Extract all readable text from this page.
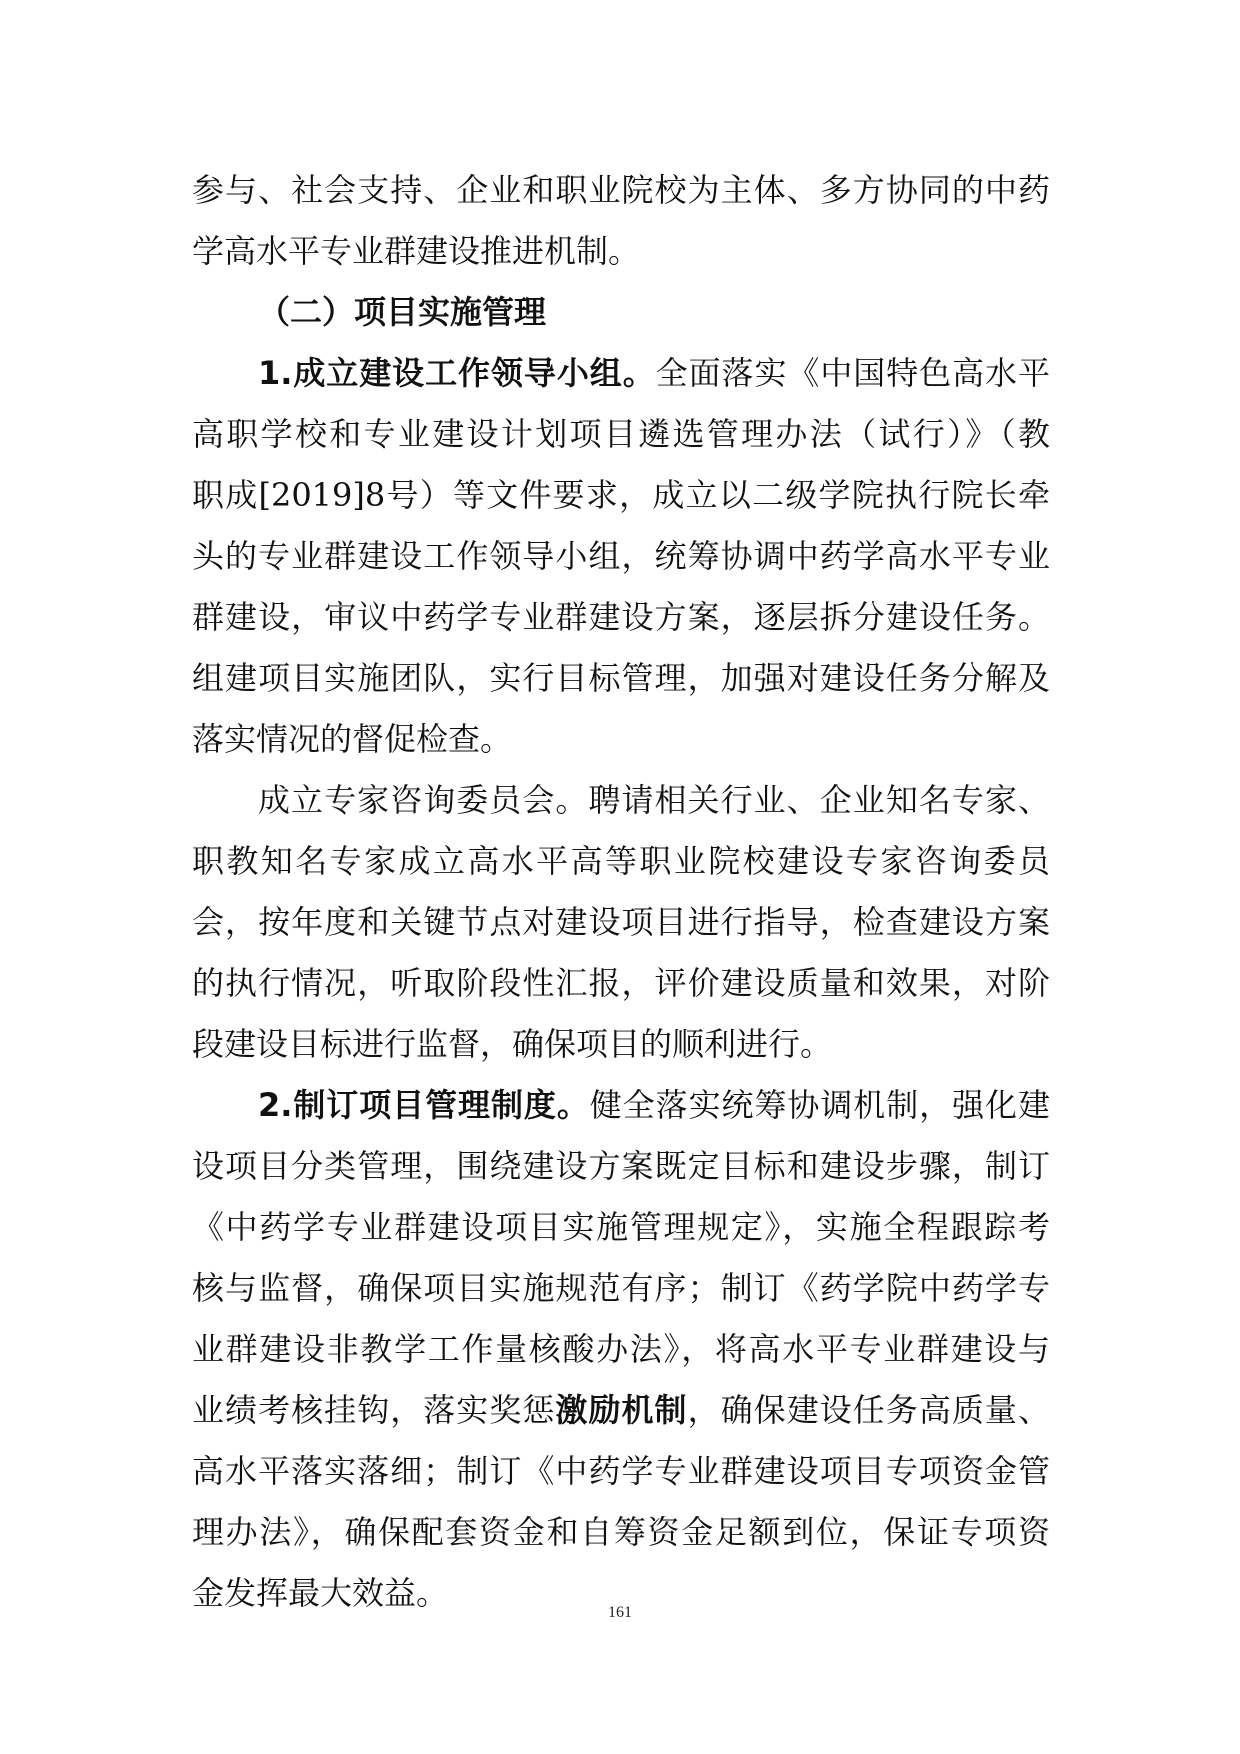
参与、社会支持、企业和职业院校为主体、多方协同的中药
学高水平专业群建设推进机制。
（二）项目实施管理
1.成立建设工作领导小组。全面落实《中国特色高水平
高职学校和专业建设计划项目遴选管理办法（试行）》（教
职成[2019]8号）等文件要求，成立以二级学院执行院长牵
头的专业群建设工作领导小组，统筹协调中药学高水平专业
群建设，审议中药学专业群建设方案，逐层拆分建设任务。
组建项目实施团队，实行目标管理，加强对建设任务分解及
落实情况的督促检查。
成立专家咨询委员会。聘请相关行业、企业知名专家、
职教知名专家成立高水平高等职业院校建设专家咨询委员
会，按年度和关键节点对建设项目进行指导，检查建设方案
的执行情况，听取阶段性汇报，评价建设质量和效果，对阶
段建设目标进行监督，确保项目的顺利进行。
2.制订项目管理制度。健全落实统筹协调机制，强化建
设项目分类管理，围绕建设方案既定目标和建设步骤，制订
《中药学专业群建设项目实施管理规定》，实施全程跟踪考
核与监督，确保项目实施规范有序；制订《药学院中药学专
业群建设非教学工作量核酸办法》，将高水平专业群建设与
业绩考核挂钩，落实奖惩激励机制，确保建设任务高质量、
高水平落实落细；制订《中药学专业群建设项目专项资金管
理办法》，确保配套资金和自筹资金足额到位，保证专项资
金发挥最大效益。
161
